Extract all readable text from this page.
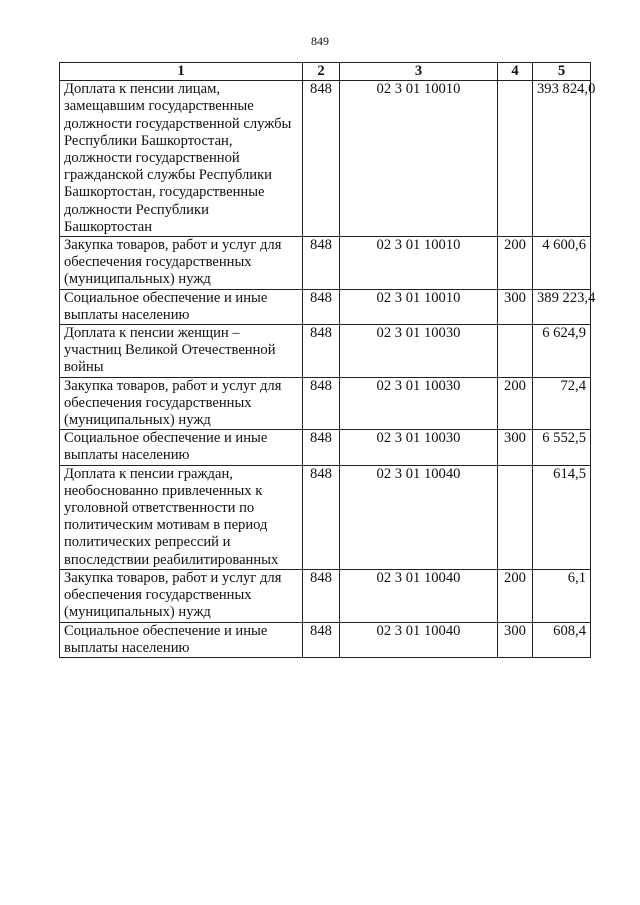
849
1	2	3	4	5
Доплата к пенсии лицам, замещавшим государственные должности государственной службы Республики Башкортостан, должности государственной гражданской службы Республики Башкортостан, государственные должности Республики Башкортостан	848	02 3 01 10010		393 824,0
Закупка товаров, работ и услуг для обеспечения государственных (муниципальных) нужд	848	02 3 01 10010	200	4 600,6
Социальное обеспечение и иные выплаты населению	848	02 3 01 10010	300	389 223,4
Доплата к пенсии женщин – участниц Великой Отечественной войны	848	02 3 01 10030		6 624,9
Закупка товаров, работ и услуг для обеспечения государственных (муниципальных) нужд	848	02 3 01 10030	200	72,4
Социальное обеспечение и иные выплаты населению	848	02 3 01 10030	300	6 552,5
Доплата к пенсии граждан, необоснованно привлеченных к уголовной ответственности по политическим мотивам в период политических репрессий и впоследствии реабилитированных	848	02 3 01 10040		614,5
Закупка товаров, работ и услуг для обеспечения государственных (муниципальных) нужд	848	02 3 01 10040	200	6,1
Социальное обеспечение и иные выплаты населению	848	02 3 01 10040	300	608,4
